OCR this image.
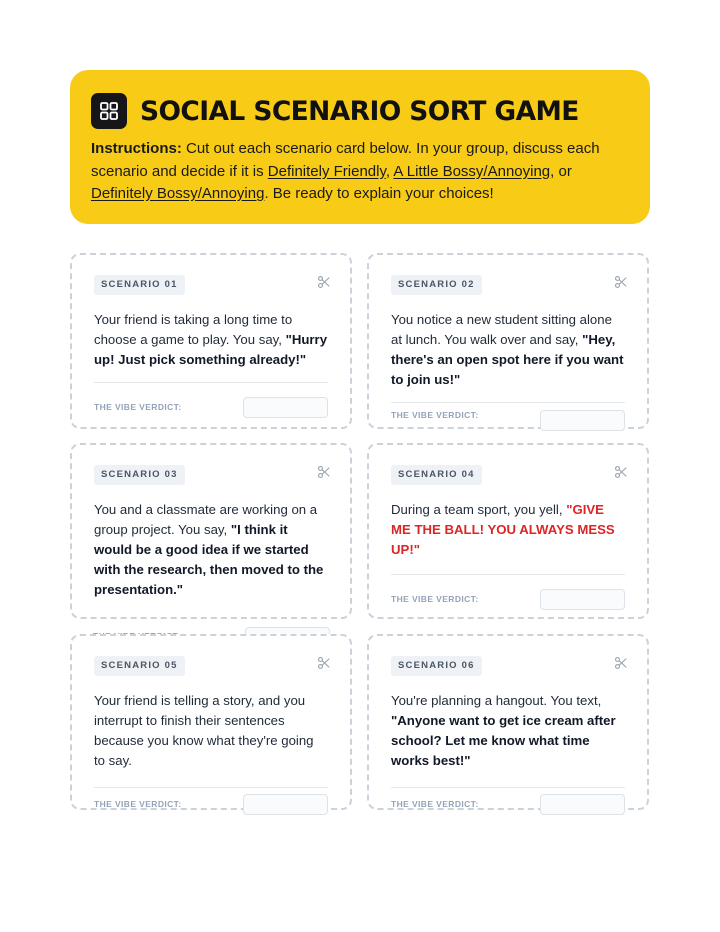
SOCIAL SCENARIO SORT GAME
Instructions: Cut out each scenario card below. In your group, discuss each scenario and decide if it is Definitely Friendly, A Little Bossy/Annoying, or Definitely Bossy/Annoying. Be ready to explain your choices!
SCENARIO 01
Your friend is taking a long time to choose a game to play. You say, "Hurry up! Just pick something already!"
THE VIBE VERDICT:
SCENARIO 02
You notice a new student sitting alone at lunch. You walk over and say, "Hey, there's an open spot here if you want to join us!"
THE VIBE VERDICT:
SCENARIO 03
You and a classmate are working on a group project. You say, "I think it would be a good idea if we started with the research, then moved to the presentation."
SCENARIO 04
During a team sport, you yell, "GIVE ME THE BALL! YOU ALWAYS MESS UP!"
THE VIBE VERDICT:
SCENARIO 05
Your friend is telling a story, and you interrupt to finish their sentences because you know what they're going to say.
THE VIBE VERDICT:
SCENARIO 06
You're planning a hangout. You text, "Anyone want to get ice cream after school? Let me know what time works best!"
THE VIBE VERDICT:
